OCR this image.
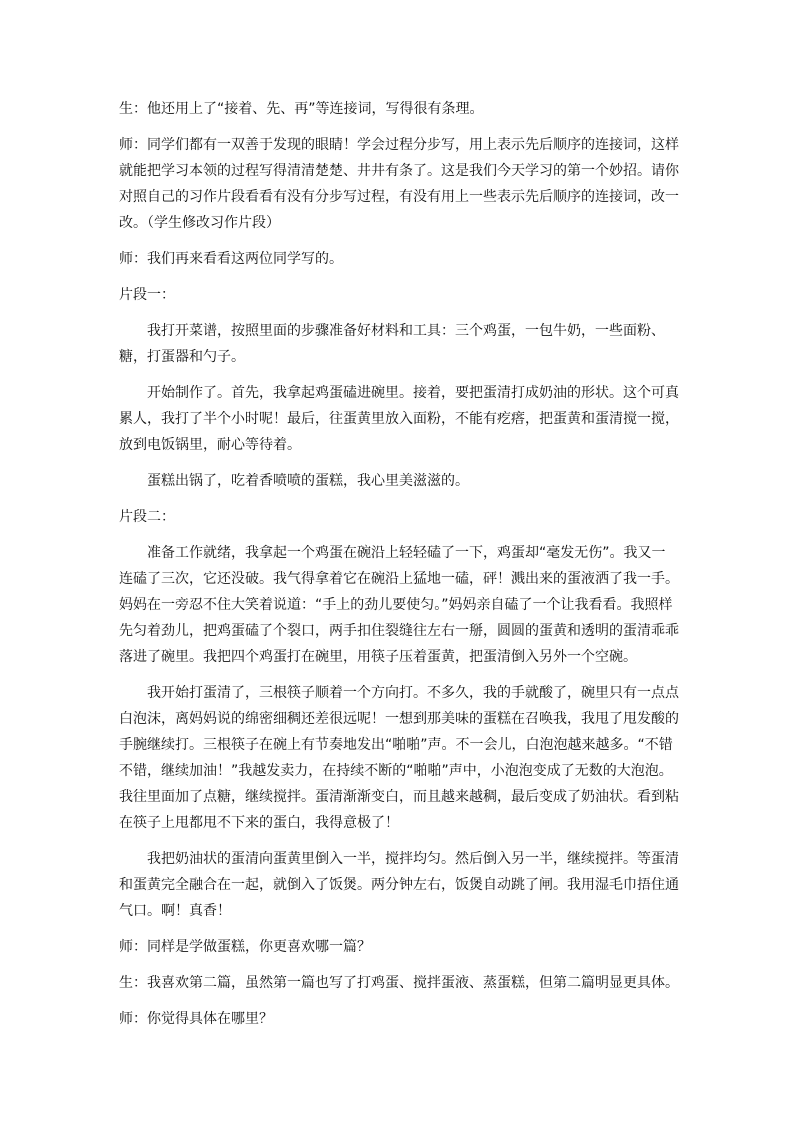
生：他还用上了“接着、先、再”等连接词，写得很有条理。

师：同学们都有一双善于发现的眼睛！学会过程分步写，用上表示先后顺序的连接词，这样就能把学习本领的过程写得清清楚楚、井井有条了。这是我们今天学习的第一个妙招。请你对照自己的习作片段看看有没有分步写过程，有没有用上一些表示先后顺序的连接词，改一改。（学生修改习作片段）

师：我们再来看看这两位同学写的。

片段一：

我打开菜谱，按照里面的步骤准备好材料和工具：三个鸡蛋，一包牛奶，一些面粉、糖，打蛋器和勺子。

开始制作了。首先，我拿起鸡蛋磕进碗里。接着，要把蛋清打成奶油的形状。这个可真累人，我打了半个小时呢！最后，往蛋黄里放入面粉，不能有疙瘩，把蛋黄和蛋清搅一搅，放到电饭锅里，耐心等待着。

蛋糕出锅了，吃着香喷喷的蛋糕，我心里美滋滋的。

片段二：

准备工作就绪，我拿起一个鸡蛋在碗沿上轻轻磕了一下，鸡蛋却“毫发无伤”。我又一连磕了三次，它还没破。我气得拿着它在碗沿上猛地一磕，砰！溅出来的蛋液洒了我一手。妈妈在一旁忍不住大笑着说道：“手上的劲儿要使匀。”妈妈亲自磕了一个让我看看。我照样先匀着劲儿，把鸡蛋磕了个裂口，两手扣住裂缝往左右一掰，圆圆的蛋黄和透明的蛋清乖乖落进了碗里。我把四个鸡蛋打在碗里，用筷子压着蛋黄，把蛋清倒入另外一个空碗。

我开始打蛋清了，三根筷子顺着一个方向打。不多久，我的手就酸了，碗里只有一点点白泡沫，离妈妈说的绵密细稠还差很远呢！一想到那美味的蛋糕在召唤我，我甩了甩发酸的手腕继续打。三根筷子在碗上有节奏地发出“啪啪”声。不一会儿，白泡泡越来越多。“不错不错，继续加油！”我越发卖力，在持续不断的“啪啪”声中，小泡泡变成了无数的大泡泡。我往里面加了点糖，继续搅拌。蛋清渐渐变白，而且越来越稠，最后变成了奶油状。看到粘在筷子上甩都甩不下来的蛋白，我得意极了！

我把奶油状的蛋清向蛋黄里倒入一半，搅拌均匀。然后倒入另一半，继续搅拌。等蛋清和蛋黄完全融合在一起，就倒入了饭煲。两分钟左右，饭煲自动跳了闸。我用湿毛巾捂住通气口。啊！真香！

师：同样是学做蛋糕，你更喜欢哪一篇？

生：我喜欢第二篇，虽然第一篇也写了打鸡蛋、搅拌蛋液、蒸蛋糕，但第二篇明显更具体。

师：你觉得具体在哪里？
